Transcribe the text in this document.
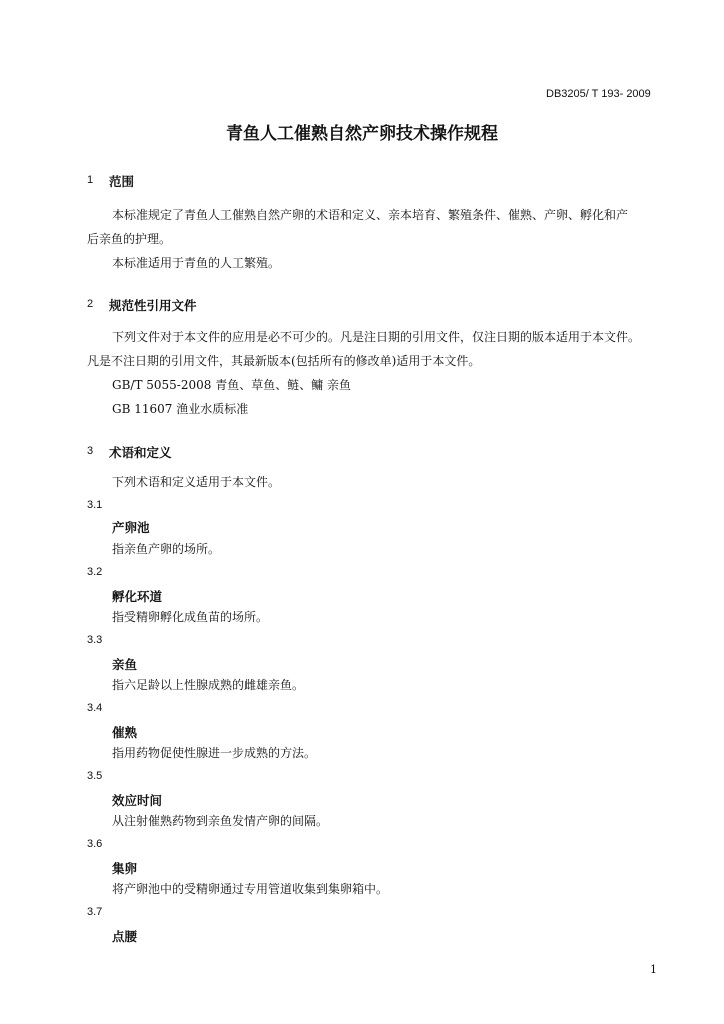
DB3205/ T 193- 2009
青鱼人工催熟自然产卵技术操作规程
1 范围
本标准规定了青鱼人工催熟自然产卵的术语和定义、亲本培育、繁殖条件、催熟、产卵、孵化和产
后亲鱼的护理。
本标准适用于青鱼的人工繁殖。
2 规范性引用文件
下列文件对于本文件的应用是必不可少的。凡是注日期的引用文件，仅注日期的版本适用于本文件。
凡是不注日期的引用文件，其最新版本(包括所有的修改单)适用于本文件。
GB/T 5055-2008 青鱼、草鱼、鲢、鳙 亲鱼
GB 11607 渔业水质标准
3 术语和定义
下列术语和定义适用于本文件。
3.1
产卵池
指亲鱼产卵的场所。
3.2
孵化环道
指受精卵孵化成鱼苗的场所。
3.3
亲鱼
指六足龄以上性腺成熟的雌雄亲鱼。
3.4
催熟
指用药物促使性腺进一步成熟的方法。
3.5
效应时间
从注射催熟药物到亲鱼发情产卵的间隔。
3.6
集卵
将产卵池中的受精卵通过专用管道收集到集卵箱中。
3.7
点腰
1
